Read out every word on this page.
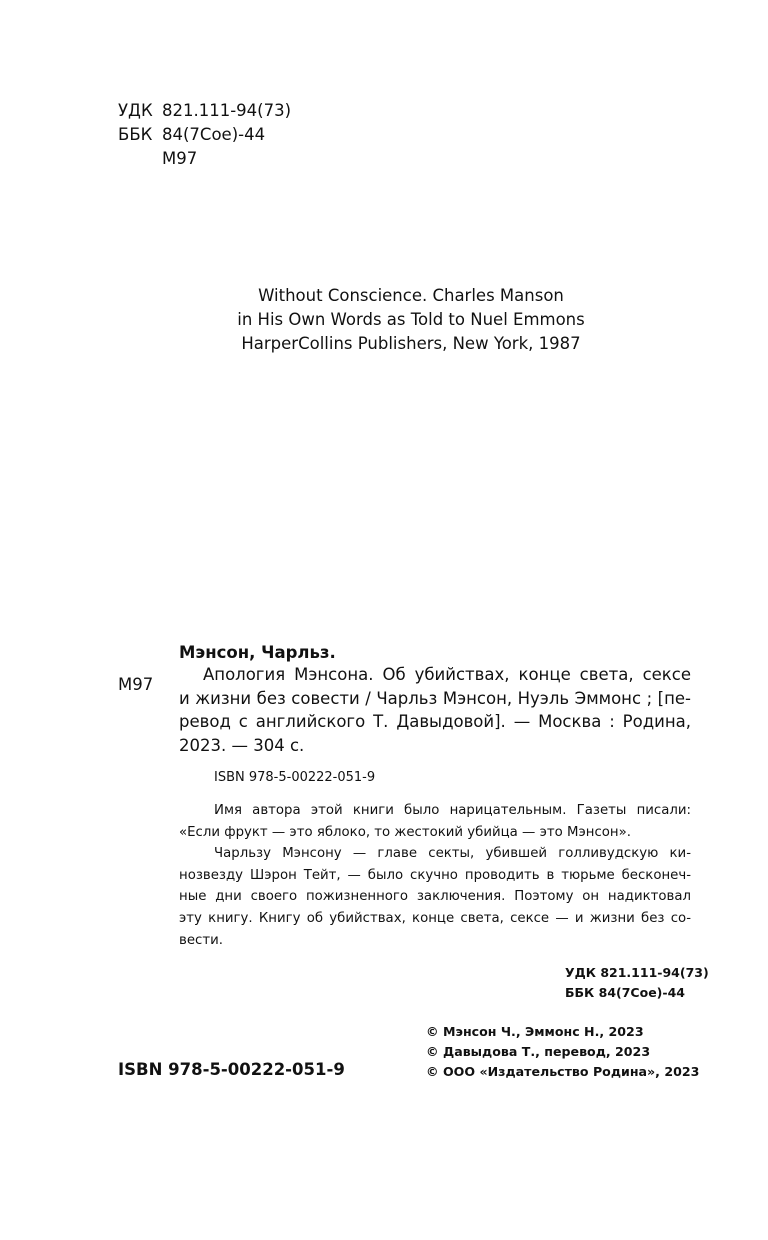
УДК 821.111-94(73)
ББК 84(7Сое)-44
М97
Without Conscience. Charles Manson
in His Own Words as Told to Nuel Emmons
HarperCollins Publishers, New York, 1987
Мэнсон, Чарльз.
М97
Апология Мэнсона. Об убийствах, конце света, сексе
и жизни без совести / Чарльз Мэнсон, Нуэль Эммонс ; [пе-
ревод с английского Т. Давыдовой]. — Москва : Родина,
2023. — 304 с.
ISBN 978-5-00222-051-9
Имя автора этой книги было нарицательным. Газеты писали:
«Если фрукт — это яблоко, то жестокий убийца — это Мэнсон».
Чарльзу Мэнсону — главе секты, убившей голливудскую ки-
нозвезду Шэрон Тейт, — было скучно проводить в тюрьме бесконеч-
ные дни своего пожизненного заключения. Поэтому он надиктовал
эту книгу. Книгу об убийствах, конце света, сексе — и жизни без со-
вести.
УДК 821.111-94(73)
ББК 84(7Сое)-44
© Мэнсон Ч., Эммонс Н., 2023
© Давыдова Т., перевод, 2023
© ООО «Издательство Родина», 2023
ISBN 978-5-00222-051-9
